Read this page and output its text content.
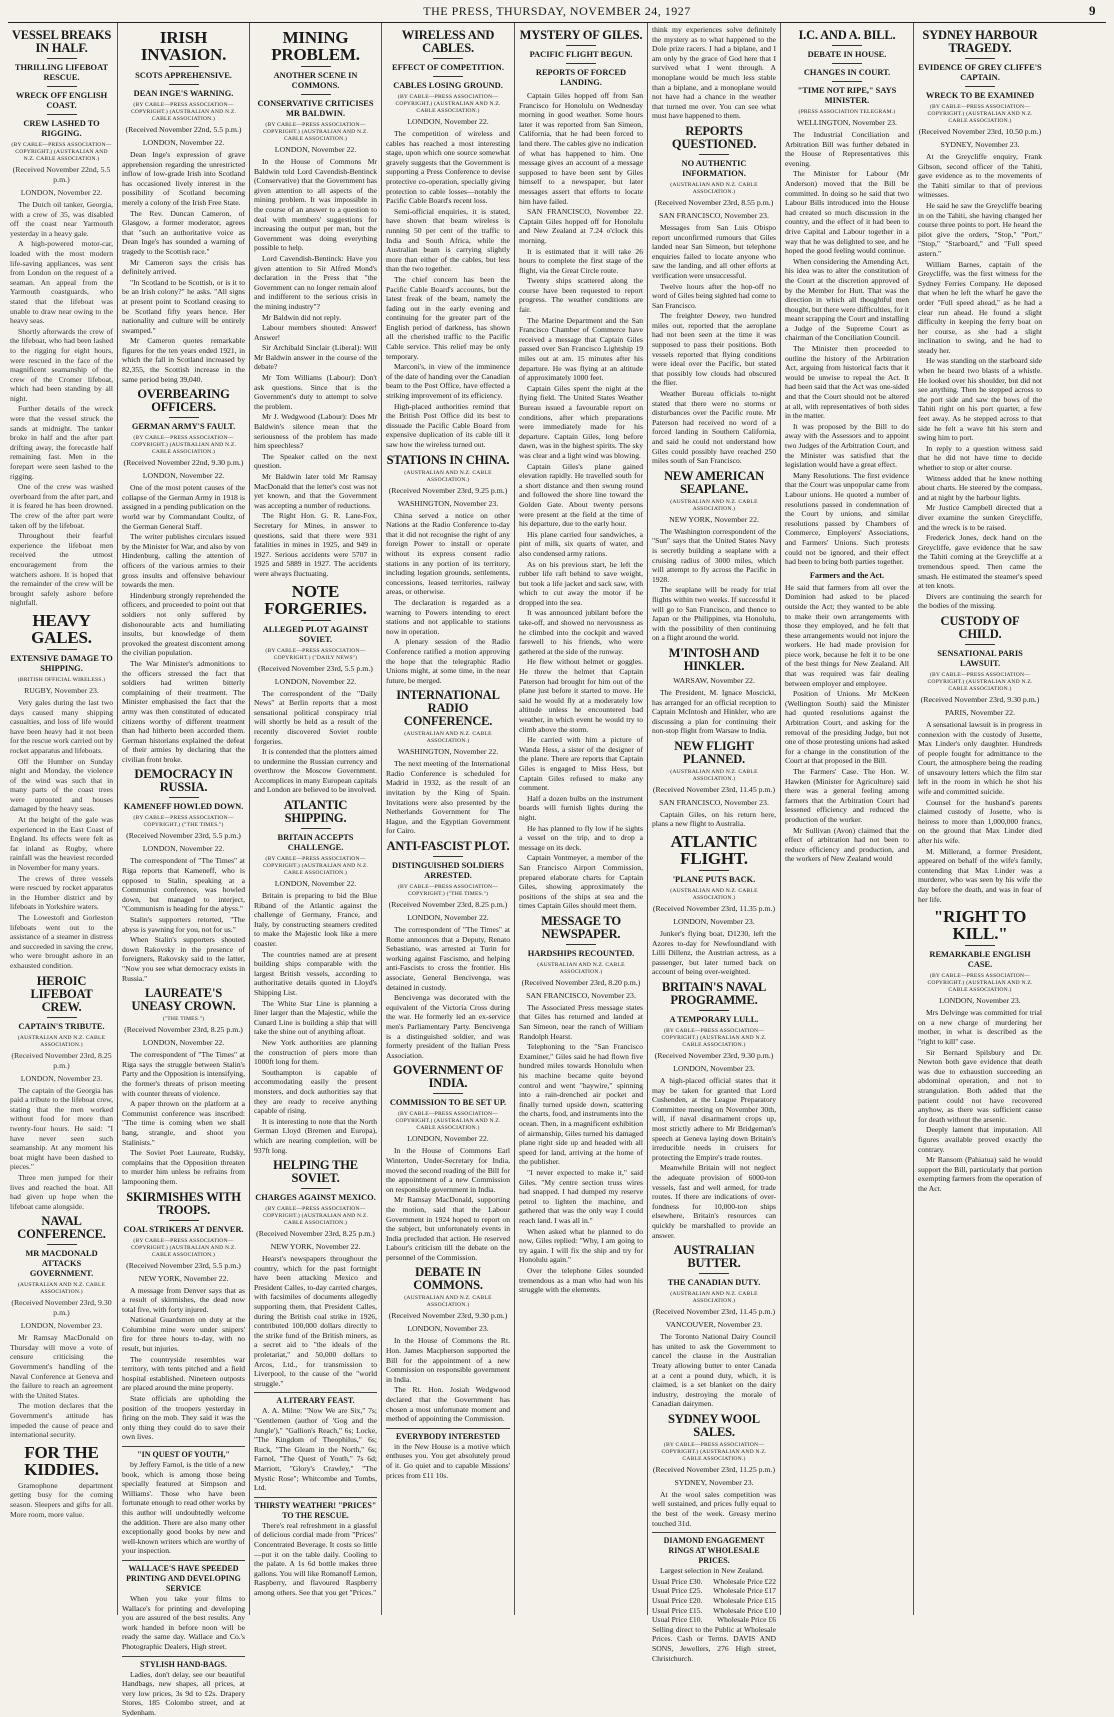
THE PRESS, THURSDAY, NOVEMBER 24, 1927	9
VESSEL BREAKS IN HALF.
THRILLING LIFEBOAT RESCUE.
WRECK OFF ENGLISH COAST.
CREW LASHED TO RIGGING.
(BY CABLE—PRESS ASSOCIATION—COPYRIGHT.) (AUSTRALIAN AND N.Z. CABLE ASSOCIATION.)
(Received November 22nd, 5.5 p.m.)
LONDON, November 22.

The Dutch oil tanker, Georgia, with a crew of 35, was disabled off the coast near Yarmouth yesterday in a heavy gale.

A high-powered motor-car, loaded with the most modern life-saving appliances, was sent from London on the request of a seaman. An appeal from the Yarmouth coastguards, who stated that the lifeboat was unable to draw near owing to the heavy seas.

Shortly afterwards the crew of the lifeboat, who had been lashed to the rigging for eight hours, were rescued in the face of the magnificent seamanship of the crew of the Cromer lifeboat, which had been standing by all night.

Further details of the wreck were that the vessel struck the sands at midnight. The tanker broke in half and the after part drifting away, the forecastle half remaining fast. Men in the forepart were seen lashed to the rigging.

One of the crew was washed overboard from the after part, and it is feared he has been drowned. The crew of the after part were taken off by the lifeboat.

Throughout their fearful experience the lifeboat men received the utmost encouragement from the watchers ashore. It is hoped that the remainder of the crew will be brought safely ashore before nightfall.

HEAVY GALES.
EXTENSIVE DAMAGE TO SHIPPING.
(BRITISH OFFICIAL WIRELESS.)
RUGBY, November 23.

Very gales during the last two days caused many shipping casualties, and loss of life would have been heavy had it not been for the rescue work carried out by rocket apparatus and lifeboats.

Off the Humber on Sunday night and Monday, the violence of the wind was such that in many parts of the coast trees were uprooted and houses damaged by the heavy seas.

At the height of the gale was experienced in the East Coast of England. Its effects were felt as far inland as Rugby, where rainfall was the heaviest recorded in November for many years.

The crews of three vessels were rescued by rocket apparatus in the Humber district and by lifeboats in Yorkshire waters.

The Lowestoft and Gorleston lifeboats went out to the assistance of a steamer in distress and succeeded in saving the crew, who were brought ashore in an exhausted condition.

HEROIC LIFEBOAT CREW.
CAPTAIN'S TRIBUTE.
(AUSTRALIAN AND N.Z. CABLE ASSOCIATION.)
(Received November 23rd, 8.25 p.m.)
LONDON, November 23.

The captain of the Georgia has paid a tribute to the lifeboat crew, stating that the men worked without food for more than twenty-four hours. He said: "I have never seen such seamanship. At any moment his boat might have been dashed to pieces."

Three men jumped for their lives and reached the boat. All had given up hope when the lifeboat came alongside.

NAVAL CONFERENCE.
MR MACDONALD ATTACKS GOVERNMENT.
(AUSTRALIAN AND N.Z. CABLE ASSOCIATION.)
(Received November 23rd, 9.30 p.m.)
LONDON, November 23.

Mr Ramsay MacDonald on Thursday will move a vote of censure criticising the Government's handling of the Naval Conference at Geneva and the failure to reach an agreement with the United States.

The motion declares that the Government's attitude has impeded the cause of peace and international security.

FOR THE KIDDIES.

Gramophone department getting busy for the coming season. Sleepers and gifts for all. More room, more value.

IRISH INVASION.
SCOTS APPREHENSIVE.
DEAN INGE'S WARNING.
(BY CABLE—PRESS ASSOCIATION—COPYRIGHT.) (AUSTRALIAN AND N.Z. CABLE ASSOCIATION.)
(Received November 22nd, 5.5 p.m.)
LONDON, November 22.

Dean Inge's expression of grave apprehension regarding the unrestricted inflow of low-grade Irish into Scotland has occasioned lively interest in the possibility of Scotland becoming merely a colony of the Irish Free State.

The Rev. Duncan Cameron, of Glasgow, a former moderator, agrees that "such an authoritative voice as Dean Inge's has sounded a warning of tragedy to the Scottish race."

Mr Cameron says the crisis has definitely arrived.

"In Scotland to be Scottish, or is it to be an Irish colony?" he asks. "All signs at present point to Scotland ceasing to be Scotland fifty years hence. Her nationality and culture will be entirely swamped."

Mr Cameron quotes remarkable figures for the ten years ended 1921, in which the fall in Scotland increased by 82,355, the Scottish increase in the same period being 39,040.

OVERBEARING OFFICERS.
GERMAN ARMY'S FAULT.
(BY CABLE—PRESS ASSOCIATION—COPYRIGHT.) (AUSTRALIAN AND N.Z. CABLE ASSOCIATION.)
(Received November 22nd, 9.30 p.m.)
LONDON, November 22.

One of the most potent causes of the collapse of the German Army in 1918 is assigned in a pending publication on the world war by Commandant Coultz, of the German General Staff.

The writer publishes circulars issued by the Minister for War, and also by von Hindenburg, calling the attention of officers of the various armies to their gross insults and offensive behaviour towards the men.

Hindenburg strongly reprehended the officers, and proceeded to point out that soldiers not only suffered by dishonourable acts and humiliating insults, but knowledge of them provoked the greatest discontent among the civilian population.

The War Minister's admonitions to the officers stressed the fact that soldiers had written bitterly complaining of their treatment. The Minister emphasised the fact that the army was then constituted of educated citizens worthy of different treatment than had hitherto been accorded them. German historians explained the defeat of their armies by declaring that the civilian front broke.

DEMOCRACY IN RUSSIA.
KAMENEFF HOWLED DOWN.
(BY CABLE—PRESS ASSOCIATION—COPYRIGHT.) ("THE TIMES.")
(Received November 23rd, 5.5 p.m.)
LONDON, November 22.

The correspondent of "The Times" at Riga reports that Kameneff, who is opposed to Stalin, speaking at a Communist conference, was howled down, but managed to interject, "Communism is heading for the abyss."

Stalin's supporters retorted, "The abyss is yawning for you, not for us."

When Stalin's supporters shouted down Rakovsky in the presence of foreigners, Rakovsky said to the latter, "Now you see what democracy exists in Russia."

LAUREATE'S UNEASY CROWN.
("THE TIMES.")
(Received November 23rd, 8.25 p.m.)
LONDON, November 22.

The correspondent of "The Times" at Riga says the struggle between Stalin's Party and the Opposition is intensifying, the former's threats of prison meeting with counter threats of violence.

A paper thrown on the platform at a Communist conference was inscribed: "The time is coming when we shall hang, strangle, and shoot you Stalinists."

The Soviet Poet Laureate, Rudsky, complains that the Opposition threaten to murder him unless he refrains from lampooning them.

SKIRMISHES WITH TROOPS.
COAL STRIKERS AT DENVER.
(BY CABLE—PRESS ASSOCIATION—COPYRIGHT.) (AUSTRALIAN AND N.Z. CABLE ASSOCIATION.)
(Received November 23rd, 5.5 p.m.)
NEW YORK, November 22.

A message from Denver says that as a result of skirmishes, the dead now total five, with forty injured.

National Guardsmen on duty at the Columbine mine were under snipers' fire for three hours to-day, with no result, but injuries.

The countryside resembles war territory, with tents pitched and a field hospital established. Nineteen outposts are placed around the mine property.

State officials are upholding the position of the troopers yesterday in firing on the mob. They said it was the only thing they could do to save their own lives.

"IN QUEST OF YOUTH,"

by Jeffery Farnol, is the title of a new book, which is among those being specially featured at Simpson and Williams'. Those who have been fortunate enough to read other works by this author will undoubtedly welcome the addition. There are also many other exceptionally good books by new and well-known writers which are worthy of your inspection.

WALLACE'S HAVE SPEEDED PRINTING AND DEVELOPING SERVICE

When you take your films to Wallace's for printing and developing you are assured of the best results. Any work handed in before noon will be ready the same day. Wallace and Co.'s Photographic Dealers, High street.

STYLISH HAND-BAGS.

Ladies, don't delay, see our beautiful Handbags, new shapes, all prices, at very low prices, 3s 9d to £2s. Drapery Stores, 185 Colombo street, and at Sydenham.

MINING PROBLEM.
ANOTHER SCENE IN COMMONS.
CONSERVATIVE CRITICISES MR BALDWIN.
(BY CABLE—PRESS ASSOCIATION—COPYRIGHT.) (AUSTRALIAN AND N.Z. CABLE ASSOCIATION.)
LONDON, November 22.

In the House of Commons Mr Baldwin told Lord Cavendish-Bentinck (Conservative) that the Government has given attention to all aspects of the mining problem. It was impossible in the course of an answer to a question to deal with members' suggestions for increasing the output per man, but the Government was doing everything possible to help.

Lord Cavendish-Bentinck: Have you given attention to Sir Alfred Mond's declaration in the Press that "the Government can no longer remain aloof and indifferent to the serious crisis in the mining industry"?

Mr Baldwin did not reply.

Labour members shouted: Answer! Answer!

Sir Archibald Sinclair (Liberal): Will Mr Baldwin answer in the course of the debate?

Mr Tom Williams (Labour): Don't ask questions. Since that is the Government's duty to attempt to solve the problem.

Mr J. Wedgwood (Labour): Does Mr Baldwin's silence mean that the seriousness of the problem has made him speechless?

The Speaker called on the next question.

Mr Baldwin later told Mr Ramsay MacDonald that the letter's cost was not yet known, and that the Government was accepting a number of reductions.

The Right Hon. G. R. Lane-Fox, Secretary for Mines, in answer to questions, said that there were 931 fatalities in mines in 1925, and 949 in 1927. Serious accidents were 5707 in 1925 and 5889 in 1927. The accidents were always fluctuating.

NOTE FORGERIES.
ALLEGED PLOT AGAINST SOVIET.
(BY CABLE—PRESS ASSOCIATION—COPYRIGHT.) ("DAILY NEWS")
(Received November 23rd, 5.5 p.m.)
LONDON, November 22.

The correspondent of the "Daily News" at Berlin reports that a most sensational political conspiracy trial will shortly be held as a result of the recently discovered Soviet rouble forgeries.

It is contended that the plotters aimed to undermine the Russian currency and overthrow the Moscow Government. Accomplices in many European capitals and London are believed to be involved.

ATLANTIC SHIPPING.
BRITAIN ACCEPTS CHALLENGE.
(BY CABLE—PRESS ASSOCIATION—COPYRIGHT.) (AUSTRALIAN AND N.Z. CABLE ASSOCIATION.)
LONDON, November 22.

Britain is preparing to bid the Blue Riband of the Atlantic against the challenge of Germany, France, and Italy, by constructing steamers credited to make the Majestic look like a mere coaster.

The countries named are at present building ships comparable with the largest British vessels, according to authoritative details quoted in Lloyd's Shipping List.

The White Star Line is planning a liner larger than the Majestic, while the Cunard Line is building a ship that will take the shine out of anything afloat.

New York authorities are planning the construction of piers more than 1000ft long for them.

Southampton is capable of accommodating easily the present monsters, and dock authorities say that they are ready to receive anything capable of rising.

It is interesting to note that the North German Lloyd (Bremen and Europa), which are nearing completion, will be 937ft long.

HELPING THE SOVIET.
CHARGES AGAINST MEXICO.
(BY CABLE—PRESS ASSOCIATION—COPYRIGHT.) (AUSTRALIAN AND N.Z. CABLE ASSOCIATION.)
(Received November 23rd, 8.25 p.m.)
NEW YORK, November 22.

Hearst's newspapers throughout the country, which for the past fortnight have been attacking Mexico and President Calles, to-day carried charges, with facsimiles of documents allegedly supporting them, that President Calles, during the British coal strike in 1926, contributed 100,000 dollars directly to the strike fund of the British miners, as a secret aid to "the ideals of the proletariat," and 50,000 dollars to Arcos, Ltd., for transmission to Liverpool, to the cause of the "world struggle."

A LITERARY FEAST.

A. A. Milne: "Now We are Six," 7s; "Gentlemen (author of 'Gog and the Jungle')," "Gallion's Reach," 6s; Locke, "The Kingdom of Theophilus," 6s; Ruck, "The Gleam in the North," 6s; Farnol, "The Quest of Youth," 7s 6d; Marriott, "Glory's Crawley," "The Mystic Rose"; Whitcombe and Tombs, Ltd.

THIRSTY WEATHER! "PRICES" TO THE RESCUE.

There's real refreshment in a glassful of delicious cordial made from "Prices" Concentrated Beverage. It costs so little—put it on the table daily. Cooling to the palate. A 1s 6d bottle makes three gallons. You will like Romanoff Lemon, Raspberry, and flavoured Raspberry among others. See that you get "Prices."

WIRELESS AND CABLES.
EFFECT OF COMPETITION.
CABLES LOSING GROUND.
(BY CABLE—PRESS ASSOCIATION—COPYRIGHT.) (AUSTRALIAN AND N.Z. CABLE ASSOCIATION.)
LONDON, November 22.

The competition of wireless and cables has reached a most interesting stage, upon which one source somewhat gravely suggests that the Government is supporting a Press Conference to devise protective co-operation, specially giving protection to cable losses—notably the Pacific Cable Board's recent loss.

Semi-official enquiries, it is stated, have shown that beam wireless is running 50 per cent of the traffic to India and South Africa, while the Australian beam is carrying slightly more than either of the cables, but less than the two together.

The chief concern has been the Pacific Cable Board's accounts, but the latest freak of the beam, namely the fading out in the early evening and continuing for the greater part of the English period of darkness, has shown all the cherished traffic to the Pacific Cable service. This relief may be only temporary.

Marconi's, in view of the imminence of the date of handing over the Canadian beam to the Post Office, have effected a striking improvement of its efficiency.

High-placed authorities remind that the British Post Office did its best to dissuade the Pacific Cable Board from expensive duplication of its cable till it saw how the wireless turned out.

STATIONS IN CHINA.
(AUSTRALIAN AND N.Z. CABLE ASSOCIATION.)
(Received November 23rd, 9.25 p.m.)
WASHINGTON, November 23.

China served a notice on other Nations at the Radio Conference to-day that it did not recognise the right of any foreign Power to install or operate without its express consent radio stations in any portion of its territory, including legation grounds, settlements, concessions, leased territories, railway areas, or otherwise.

The declaration is regarded as a warning to Powers intending to erect stations and not applicable to stations now in operation.

A plenary session of the Radio Conference ratified a motion approving the hope that the telegraphic Radio Unions might, at some time, in the near future, be merged.

INTERNATIONAL RADIO CONFERENCE.
(AUSTRALIAN AND N.Z. CABLE ASSOCIATION.)
WASHINGTON, November 22.

The next meeting of the International Radio Conference is scheduled for Madrid in 1932, as the result of an invitation by the King of Spain. Invitations were also presented by the Netherlands Government for The Hague, and the Egyptian Government for Cairo.

ANTI-FASCIST PLOT.
DISTINGUISHED SOLDIERS ARRESTED.
(BY CABLE—PRESS ASSOCIATION—COPYRIGHT.) ("THE TIMES.")
(Received November 23rd, 8.25 p.m.)
LONDON, November 22.

The correspondent of "The Times" at Rome announces that a Deputy, Renato Sebastiano, was arrested at Turin for working against Fascismo, and helping anti-Fascists to cross the frontier. His associate, General Bencivenga, was detained in custody.

Bencivenga was decorated with the equivalent of the Victoria Cross during the war. He formerly led an ex-service men's Parliamentary Party. Bencivenga is a distinguished soldier, and was formerly president of the Italian Press Association.

GOVERNMENT OF INDIA.
COMMISSION TO BE SET UP.
(BY CABLE—PRESS ASSOCIATION—COPYRIGHT.) (AUSTRALIAN AND N.Z. CABLE ASSOCIATION.)
LONDON, November 22.

In the House of Commons Earl Winterton, Under-Secretary for India, moved the second reading of the Bill for the appointment of a new Commission on responsible government in India.

Mr Ramsay MacDonald, supporting the motion, said that the Labour Government in 1924 hoped to report on the subject, but unfortunately events in India precluded that action. He reserved Labour's criticism till the debate on the personnel of the Commission.

DEBATE IN COMMONS.
(AUSTRALIAN AND N.Z. CABLE ASSOCIATION.)
(Received November 23rd, 9.30 p.m.)
LONDON, November 23.

In the House of Commons the Rt. Hon. James Macpherson supported the Bill for the appointment of a new Commission on responsible government in India.

The Rt. Hon. Josiah Wedgwood declared that the Government has chosen a most unfortunate moment and method of appointing the Commission.

EVERYBODY INTERESTED

in the New House is a motive which enthuses you. You get absolutely proud of it. Go quiet and to capable Missions' prices from £11 10s.

MYSTERY OF GILES.
PACIFIC FLIGHT BEGUN.
REPORTS OF FORCED LANDING.

Captain Giles hopped off from San Francisco for Honolulu on Wednesday morning in good weather. Some hours later it was reported from San Simeon, California, that he had been forced to land there. The cables give no indication of what has happened to him. One message gives an account of a message supposed to have been sent by Giles himself to a newspaper, but later messages assert that efforts to locate him have failed.

SAN FRANCISCO, November 22. Captain Giles hopped off for Honolulu and New Zealand at 7.24 o'clock this morning.

It is estimated that it will take 26 hours to complete the first stage of the flight, via the Great Circle route.

Twenty ships scattered along the course have been requested to report progress. The weather conditions are fair.

The Marine Department and the San Francisco Chamber of Commerce have received a message that Captain Giles passed over San Francisco Lightship 19 miles out at am. 15 minutes after his departure. He was flying at an altitude of approximately 1000 feet.

Captain Giles spent the night at the flying field. The United States Weather Bureau issued a favourable report on conditions, after which preparations were immediately made for his departure. Captain Giles, long before dawn, was in the highest spirits. The sky was clear and a light wind was blowing.

Captain Giles's plane gained elevation rapidly. He travelled south for a short distance and then swung round and followed the shore line toward the Golden Gate. About twenty persons were present at the field at the time of his departure, due to the early hour.

His plane carried four sandwiches, a pint of milk, six quarts of water, and also condensed army rations.

As on his previous start, he left the rubber life raft behind to save weight, but took a life jacket and sack saw, with which to cut away the motor if he dropped into the sea.

It was announced jubilant before the take-off, and showed no nervousness as he climbed into the cockpit and waved farewell to his friends, who were gathered at the side of the runway.

He flew without helmet or goggles. He threw the helmet that Captain Paterson had brought for him out of the plane just before it started to move. He said he would fly at a moderately low altitude unless he encountered bad weather, in which event he would try to climb above the storm.

He carried with him a picture of Wanda Hess, a sister of the designer of the plane. There are reports that Captain Giles is engaged to Miss Hess, but Captain Giles refused to make any comment.

Half a dozen bulbs on the instrument boards will furnish lights during the night.

He has planned to fly low if he sights a vessel on the trip, and to drop a message on its deck.

Captain Vontmeyer, a member of the San Francisco Airport Commission, prepared elaborate charts for Captain Giles, showing approximately the positions of the ships at sea and the times Captain Giles should meet them.

MESSAGE TO NEWSPAPER.
HARDSHIPS RECOUNTED.
(AUSTRALIAN AND N.Z. CABLE ASSOCIATION.)
(Received November 23rd, 8.20 p.m.)
SAN FRANCISCO, November 23.

The Associated Press message states that Giles has returned and landed at San Simeon, near the ranch of William Randolph Hearst.

Telephoning to the "San Francisco Examiner," Giles said he had flown five hundred miles towards Honolulu when his machine became quite beyond control and went "haywire," spinning into a rain-drenched air pocket and finally turned upside down, scattering the charts, food, and instruments into the ocean. Then, in a magnificent exhibition of airmanship, Giles turned his damaged plane right side up and headed with all speed for land, arriving at the home of the publisher.

"I never expected to make it," said Giles. "My centre section truss wires had snapped. I had dumped my reserve petrol to lighten the machine, and gathered that was the only way I could reach land. I was all in."

When asked what he planned to do now, Giles replied: "Why, I am going to try again. I will fix the ship and try for Honolulu again."

Over the telephone Giles sounded tremendous as a man who had won his struggle with the elements.

think my experiences solve definitely the mystery as to what happened to the Dole prize racers. I had a biplane, and I am only by the grace of God here that I survived what I went through. A monoplane would be much less stable than a biplane, and a monoplane would not have had a chance in the weather that turned me over. You can see what must have happened to them.

REPORTS QUESTIONED.
NO AUTHENTIC INFORMATION.
(AUSTRALIAN AND N.Z. CABLE ASSOCIATION.)
(Received November 23rd, 8.55 p.m.)
SAN FRANCISCO, November 23.

Messages from San Luis Obispo report unconfirmed rumours that Giles landed near San Simeon, but telephone enquiries failed to locate anyone who saw the landing, and all other efforts at verification were unsuccessful.

Twelve hours after the hop-off no word of Giles being sighted had come to San Francisco.

The freighter Dewey, two hundred miles out, reported that the aeroplane had not been seen at the time it was supposed to pass their positions. Both vessels reported that flying conditions were ideal over the Pacific, but stated that possibly low clouds had obscured the flier.

Weather Bureau officials to-night stated that there were no storms or disturbances over the Pacific route. Mr Paterson had received no word of a forced landing in Southern California, and said he could not understand how Giles could possibly have reached 250 miles south of San Francisco.

NEW AMERICAN SEAPLANE.
(AUSTRALIAN AND N.Z. CABLE ASSOCIATION.)
NEW YORK, November 22.

The Washington correspondent of the "Sun" says that the United States Navy is secretly building a seaplane with a cruising radius of 3000 miles, which will attempt to fly across the Pacific in 1928.

The seaplane will be ready for trial flights within two weeks. If successful it will go to San Francisco, and thence to Japan or the Philippines, via Honolulu, with the possibility of then continuing on a flight around the world.

M'INTOSH AND HINKLER.
WARSAW, November 22.

The President, M. Ignace Moscicki, has arranged for an official reception to Captain McIntosh and Hinkler, who are discussing a plan for continuing their non-stop flight from Warsaw to India.

NEW FLIGHT PLANNED.
(AUSTRALIAN AND N.Z. CABLE ASSOCIATION.)
(Received November 23rd, 11.45 p.m.)
SAN FRANCISCO, November 23.

Captain Giles, on his return here, plans a new flight to Australia.

ATLANTIC FLIGHT.
'PLANE PUTS BACK.
(AUSTRALIAN AND N.Z. CABLE ASSOCIATION.)
(Received November 23rd, 11.35 p.m.)
LONDON, November 23.

Junker's flying boat, D1230, left the Azores to-day for Newfoundland with Lilli Dillenz, the Austrian actress, as a passenger, but later turned back on account of being over-weighted.

BRITAIN'S NAVAL PROGRAMME.
A TEMPORARY LULL.
(BY CABLE—PRESS ASSOCIATION—COPYRIGHT.) (AUSTRALIAN AND N.Z. CABLE ASSOCIATION.)
(Received November 23rd, 9.30 p.m.)
LONDON, November 23.

A high-placed official states that it may be taken for granted that Lord Cushenden, at the League Preparatory Committee meeting on November 30th, will, if naval disarmament crops up, most strictly adhere to Mr Bridgeman's speech at Geneva laying down Britain's irreducible needs in cruisers for protecting the Empire's trade routes.

Meanwhile Britain will not neglect the adequate provision of 6000-ton vessels, fast and well armed, for trade routes. If there are indications of over-fondness for 10,000-ton ships elsewhere, Britain's resources can quickly be marshalled to provide an answer.

AUSTRALIAN BUTTER.
THE CANADIAN DUTY.
(AUSTRALIAN AND N.Z. CABLE ASSOCIATION.)
(Received November 23rd, 11.45 p.m.)
VANCOUVER, November 23.

The Toronto National Dairy Council has united to ask the Government to cancel the clause in the Australian Treaty allowing butter to enter Canada at a cent a pound duty, which, it is claimed, is a set blanket on the dairy industry, destroying the morale of Canadian dairymen.

SYDNEY WOOL SALES.
(BY CABLE—PRESS ASSOCIATION—COPYRIGHT.) (AUSTRALIAN AND N.Z. CABLE ASSOCIATION.)
(Received November 23rd, 11.25 p.m.)
SYDNEY, November 23.

At the wool sales competition was well sustained, and prices fully equal to the best of the week. Greasy merino touched 31d.

DIAMOND ENGAGEMENT RINGS AT WHOLESALE PRICES.

Largest selection in New Zealand.

Usual Price £30. Wholesale Price £22
Usual Price £25. Wholesale Price £17
Usual Price £20. Wholesale Price £15
Usual Price £15. Wholesale Price £10
Usual Price £10. Wholesale Price £6

Selling direct to the Public at Wholesale Prices. Cash or Terms. DAVIS AND SONS, Jewellers, 276 High street, Christchurch.

I.C. AND A. BILL.
DEBATE IN HOUSE.
CHANGES IN COURT.
"TIME NOT RIPE," SAYS MINISTER.
(PRESS ASSOCIATION TELEGRAM.)
WELLINGTON, November 23.

The Industrial Conciliation and Arbitration Bill was further debated in the House of Representatives this evening.

The Minister for Labour (Mr Anderson) moved that the Bill be committed. In doing so he said that two Labour Bills introduced into the House had created so much discussion in the country, and the effect of it had been to drive Capital and Labour together in a way that he was delighted to see, and he hoped the good feeling would continue.

When considering the Amending Act, his idea was to alter the constitution of the Court at the discretion approved of by the Member for Hutt. That was the direction in which all thoughtful men thought, but there were difficulties, for it meant scrapping the Court and installing a Judge of the Supreme Court as chairman of the Conciliation Council.

The Minister then proceeded to outline the history of the Arbitration Act, arguing from historical facts that it would be unwise to repeal the Act. It had been said that the Act was one-sided and that the Court should not be altered at all, with representatives of both sides in the matter.

It was proposed by the Bill to do away with the Assessors and to appoint two Judges of the Arbitration Court, and the Minister was satisfied that the legislation would have a great effect.

Many Resolutions. The first evidence that the Court was unpopular came from Labour unions. He quoted a number of resolutions passed in condemnation of the Court by unions, and similar resolutions passed by Chambers of Commerce, Employers' Associations, and Farmers' Unions. Such protests could not be ignored, and their effect had been to bring both parties together.

Farmers and the Act.

He said that farmers from all over the Dominion had asked to be placed outside the Act; they wanted to be able to make their own arrangements with those they employed, and he felt that these arrangements would not injure the workers. He had made provision for piece work, because he felt it to be one of the best things for New Zealand. All that was required was fair dealing between employer and employee.

Position of Unions. Mr McKeen (Wellington South) said the Minister had quoted resolutions against the Arbitration Court, and asking for the removal of the presiding Judge, but not one of those protesting unions had asked for a change in the constitution of the Court at that proposed in the Bill.

The Farmers' Case. The Hon. W. Hawken (Minister for Agriculture) said there was a general feeling among farmers that the Arbitration Court had lessened efficiency and reduced the production of the worker.

Mr Sullivan (Avon) claimed that the effect of arbitration had not been to reduce efficiency and production, and the workers of New Zealand would

SYDNEY HARBOUR TRAGEDY.
EVIDENCE OF GREY CLIFFE'S CAPTAIN.
WRECK TO BE EXAMINED
(BY CABLE—PRESS ASSOCIATION—COPYRIGHT.) (AUSTRALIAN AND N.Z. CABLE ASSOCIATION.)
(Received November 23rd, 10.50 p.m.)
SYDNEY, November 23.

At the Greycliffe enquiry, Frank Gibson, second officer of the Tahiti, gave evidence as to the movements of the Tahiti similar to that of previous witnesses.

He said he saw the Greycliffe bearing in on the Tahiti, she having changed her course three points to port. He heard the pilot give the orders, "Stop," "Port," "Stop," "Starboard," and "Full speed astern."

William Barnes, captain of the Greycliffe, was the first witness for the Sydney Ferries Company. He deposed that when he left the wharf he gave the order "Full speed ahead," as he had a clear run ahead. He found a slight difficulty in keeping the ferry boat on her course, as she had a slight inclination to swing, and he had to steady her.

He was standing on the starboard side when he heard two blasts of a whistle. He looked over his shoulder, but did not see anything. Then he stepped across to the port side and saw the bows of the Tahiti right on his port quarter, a few feet away. As he stepped across to that side he felt a wave hit his stern and swing him to port.

In reply to a question witness said that he did not have time to decide whether to stop or alter course.

Witness added that he knew nothing about charts. He steered by the compass, and at night by the harbour lights.

Mr Justice Campbell directed that a diver examine the sunken Greycliffe, and the wreck is to be raised.

Frederick Jones, deck hand on the Greycliffe, gave evidence that he saw the Tahiti coming at the Greycliffe at a tremendous speed. Then came the smash. He estimated the steamer's speed at ten knots.

Divers are continuing the search for the bodies of the missing.

CUSTODY OF CHILD.
SENSATIONAL PARIS LAWSUIT.
(BY CABLE—PRESS ASSOCIATION—COPYRIGHT.) (AUSTRALIAN AND N.Z. CABLE ASSOCIATION.)
(Received November 23rd, 9.30 p.m.)
PARIS, November 22.

A sensational lawsuit is in progress in connexion with the custody of Jusette, Max Linder's only daughter. Hundreds of people fought for admittance to the Court, the atmosphere being the reading of unsavoury letters which the film star left in the room in which he shot his wife and committed suicide.

Counsel for the husband's parents claimed custody of Josette, who is heiress to more than 1,000,000 francs, on the ground that Max Linder died after his wife.

M. Millerand, a former President, appeared on behalf of the wife's family, contending that Max Linder was a murderer, who was seen by his wife the day before the death, and was in fear of her life.

"RIGHT TO KILL."
REMARKABLE ENGLISH CASE.
(BY CABLE—PRESS ASSOCIATION—COPYRIGHT.) (AUSTRALIAN AND N.Z. CABLE ASSOCIATION.)
LONDON, November 23.

Mrs Delvinge was committed for trial on a new charge of murdering her mother, in what is described as the "right to kill" case.

Sir Bernard Spilsbury and Dr. Newton both gave evidence that death was due to exhaustion succeeding an abdominal operation, and not to strangulation. Both added that the patient could not have recovered anyhow, as there was sufficient cause for death without the arsenic.

Deeply lament that imputation. All figures available proved exactly the contrary.

Mr Ransom (Pahiatua) said he would support the Bill, particularly that portion exempting farmers from the operation of the Act.
